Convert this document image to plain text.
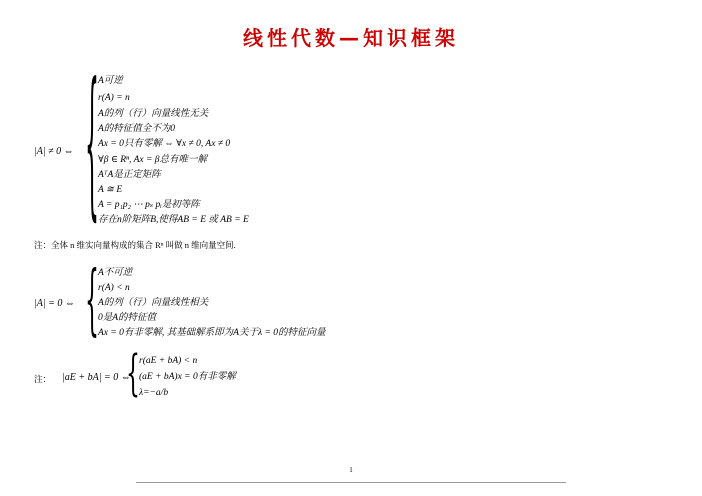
线性代数—知识框架
|A| ≠ 0 ⇔ { A可逆
r(A) = n
A的列（行）向量线性无关
A的特征值全不为0
Ax = 0只有零解 ⇔ ∀x ≠ 0, Ax ≠ 0
∀β ∈ Rⁿ, Ax = β总有唯一解
AᵀA是正定矩阵
A ≅ E
A = p₁p₂ ⋯ pₛ pᵢ是初等阵
存在n阶矩阵B,使得AB = E 或 AB = E
注：全体 n 维实向量构成的集合 Rⁿ 叫做 n 维向量空间.
|A| = 0 ⇔ { A不可逆
r(A) < n
A的列（行）向量线性相关
0是A的特征值
Ax = 0有非零解, 其基础解系即为A关于λ = 0的特征向量
注： |aE + bA| = 0 ⇔
{ r(aE + bA) < n
(aE + bA)x = 0有非零解
λ=−a/b
1
